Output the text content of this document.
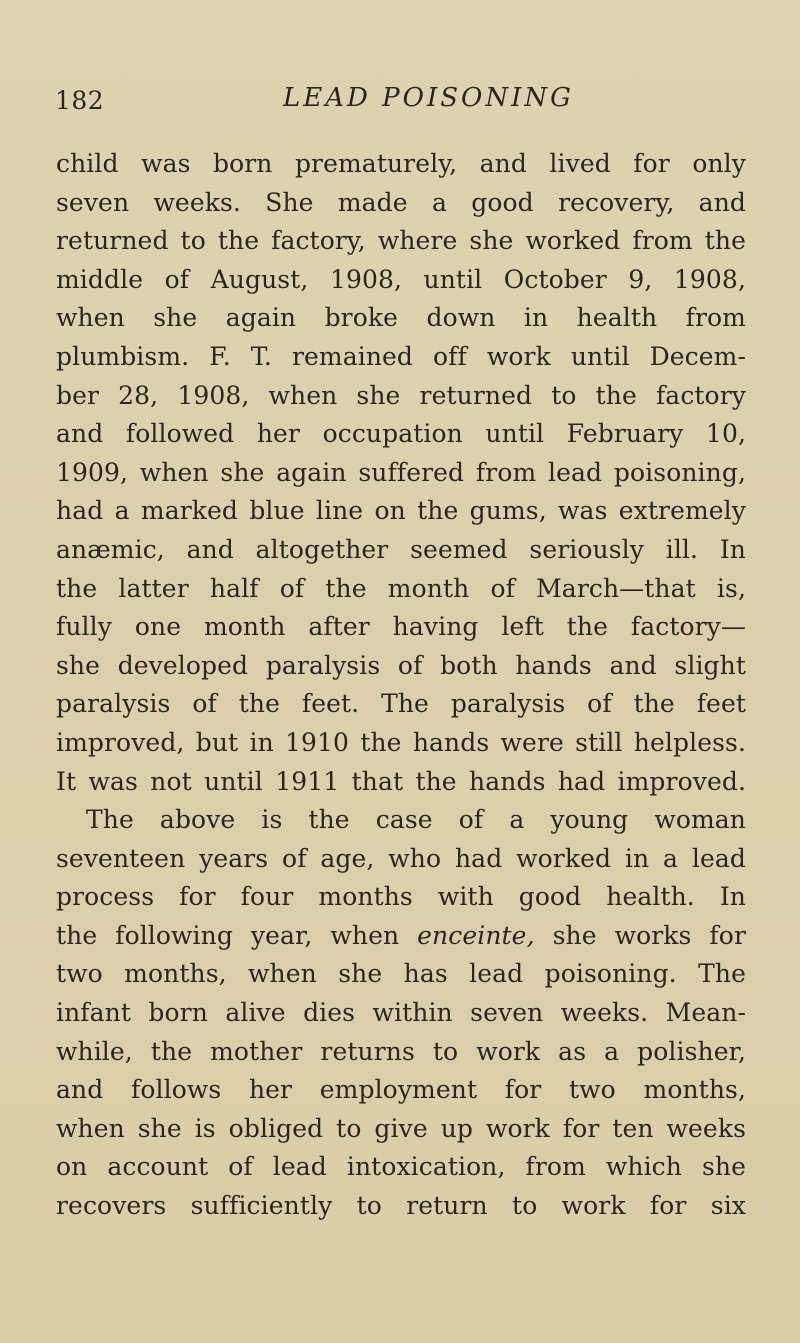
182	LEAD POISONING
child was born prematurely, and lived for only
seven weeks. She made a good recovery, and
returned to the factory, where she worked from the
middle of August, 1908, until October 9, 1908,
when she again broke down in health from
plumbism. F. T. remained off work until Decem-
ber 28, 1908, when she returned to the factory
and followed her occupation until February 10,
1909, when she again suffered from lead poisoning,
had a marked blue line on the gums, was extremely
anæmic, and altogether seemed seriously ill. In
the latter half of the month of March—that is,
fully one month after having left the factory—
she developed paralysis of both hands and slight
paralysis of the feet. The paralysis of the feet
improved, but in 1910 the hands were still helpless.
It was not until 1911 that the hands had improved.
The above is the case of a young woman
seventeen years of age, who had worked in a lead
process for four months with good health. In
the following year, when enceinte, she works for
two months, when she has lead poisoning. The
infant born alive dies within seven weeks. Mean-
while, the mother returns to work as a polisher,
and follows her employment for two months,
when she is obliged to give up work for ten weeks
on account of lead intoxication, from which she
recovers sufficiently to return to work for six
